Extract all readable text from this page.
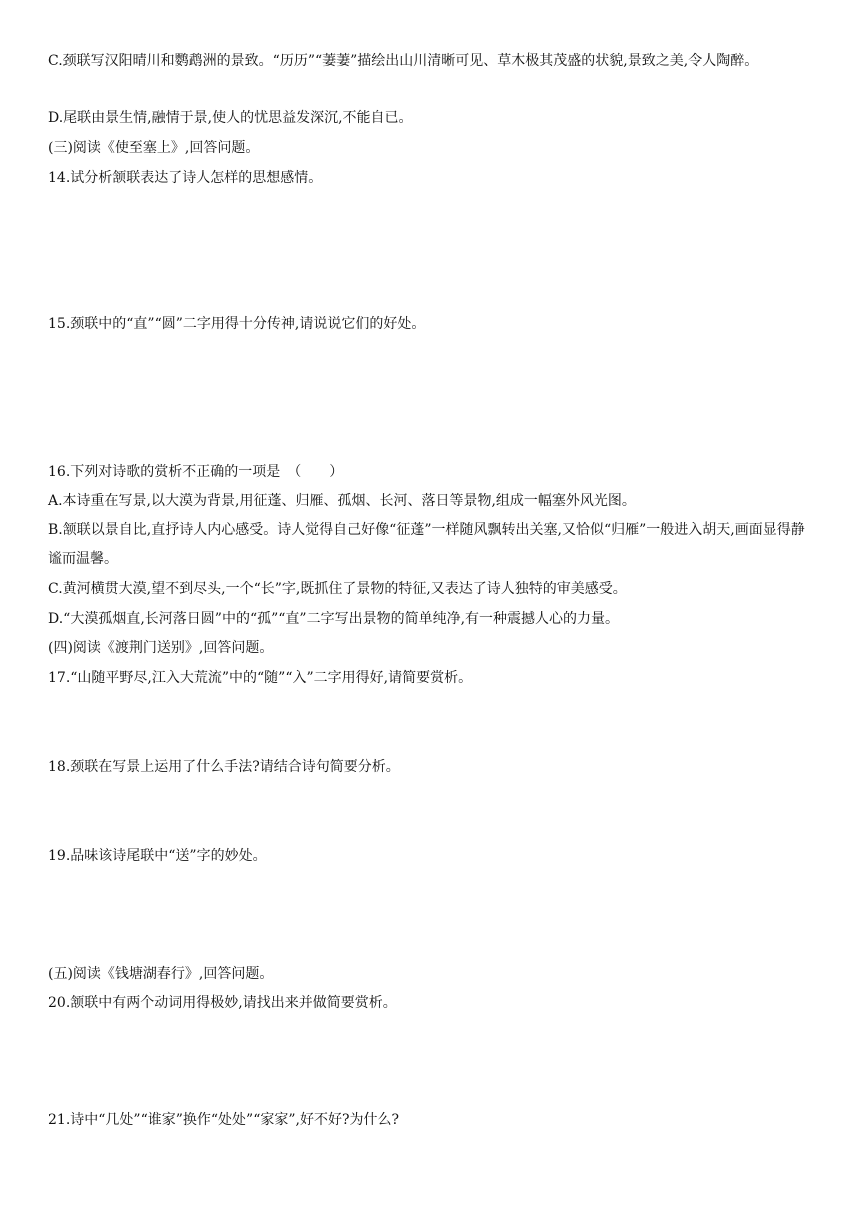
C.颈联写汉阳晴川和鹦鹉洲的景致。“历历”“萋萋”描绘出山川清晰可见、草木极其茂盛的状貌,景致之美,令人陶醉。
D.尾联由景生情,融情于景,使人的忧思益发深沉,不能自已。
(三)阅读《使至塞上》,回答问题。
14.试分析颔联表达了诗人怎样的思想感情。
15.颈联中的“直”“圆”二字用得十分传神,请说说它们的好处。
16.下列对诗歌的赏析不正确的一项是　（　　）
A.本诗重在写景,以大漠为背景,用征蓬、归雁、孤烟、长河、落日等景物,组成一幅塞外风光图。
B.颔联以景自比,直抒诗人内心感受。诗人觉得自己好像“征蓬”一样随风飘转出关塞,又恰似“归雁”一般进入胡天,画面显得静谧而温馨。
C.黄河横贯大漠,望不到尽头,一个“长”字,既抓住了景物的特征,又表达了诗人独特的审美感受。
D.“大漠孤烟直,长河落日圆”中的“孤”“直”二字写出景物的简单纯净,有一种震撼人心的力量。
(四)阅读《渡荆门送别》,回答问题。
17.“山随平野尽,江入大荒流”中的“随”“入”二字用得好,请简要赏析。
18.颈联在写景上运用了什么手法?请结合诗句简要分析。
19.品味该诗尾联中“送”字的妙处。
(五)阅读《钱塘湖春行》,回答问题。
20.颔联中有两个动词用得极妙,请找出来并做简要赏析。
21.诗中“几处”“谁家”换作“处处”“家家”,好不好?为什么?
